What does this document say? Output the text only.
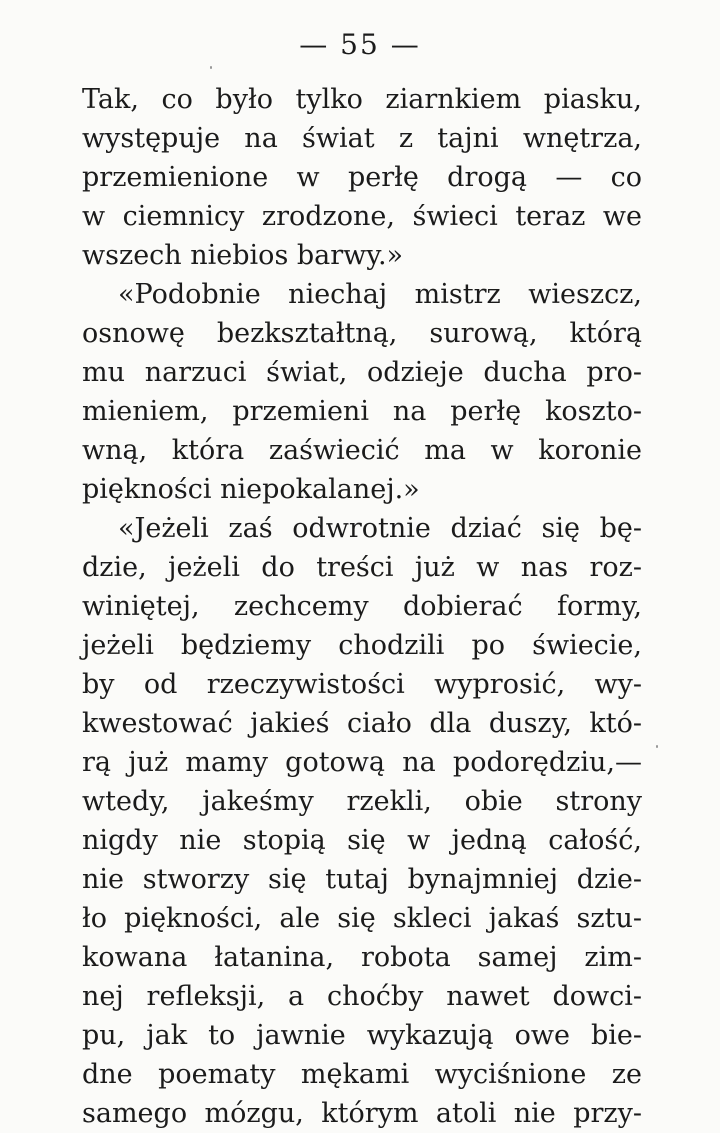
— 55 —
Tak, co było tylko ziarnkiem piasku,
występuje na świat z tajni wnętrza,
przemienione w perłę drogą — co
w ciemnicy zrodzone, świeci teraz we
wszech niebios barwy.»
«Podobnie niechaj mistrz wieszcz,
osnowę bezkształtną, surową, którą
mu narzuci świat, odzieje ducha pro-
mieniem, przemieni na perłę koszto-
wną, która zaświecić ma w koronie
piękności niepokalanej.»
«Jeżeli zaś odwrotnie dziać się bę-
dzie, jeżeli do treści już w nas roz-
winiętej, zechcemy dobierać formy,
jeżeli będziemy chodzili po świecie,
by od rzeczywistości wyprosić, wy-
kwestować jakieś ciało dla duszy, któ-
rą już mamy gotową na podorędziu,—
wtedy, jakeśmy rzekli, obie strony
nigdy nie stopią się w jedną całość,
nie stworzy się tutaj bynajmniej dzie-
ło piękności, ale się skleci jakaś sztu-
kowana łatanina, robota samej zim-
nej refleksji, a choćby nawet dowci-
pu, jak to jawnie wykazują owe bie-
dne poematy mękami wyciśnione ze
samego mózgu, którym atoli nie przy-
